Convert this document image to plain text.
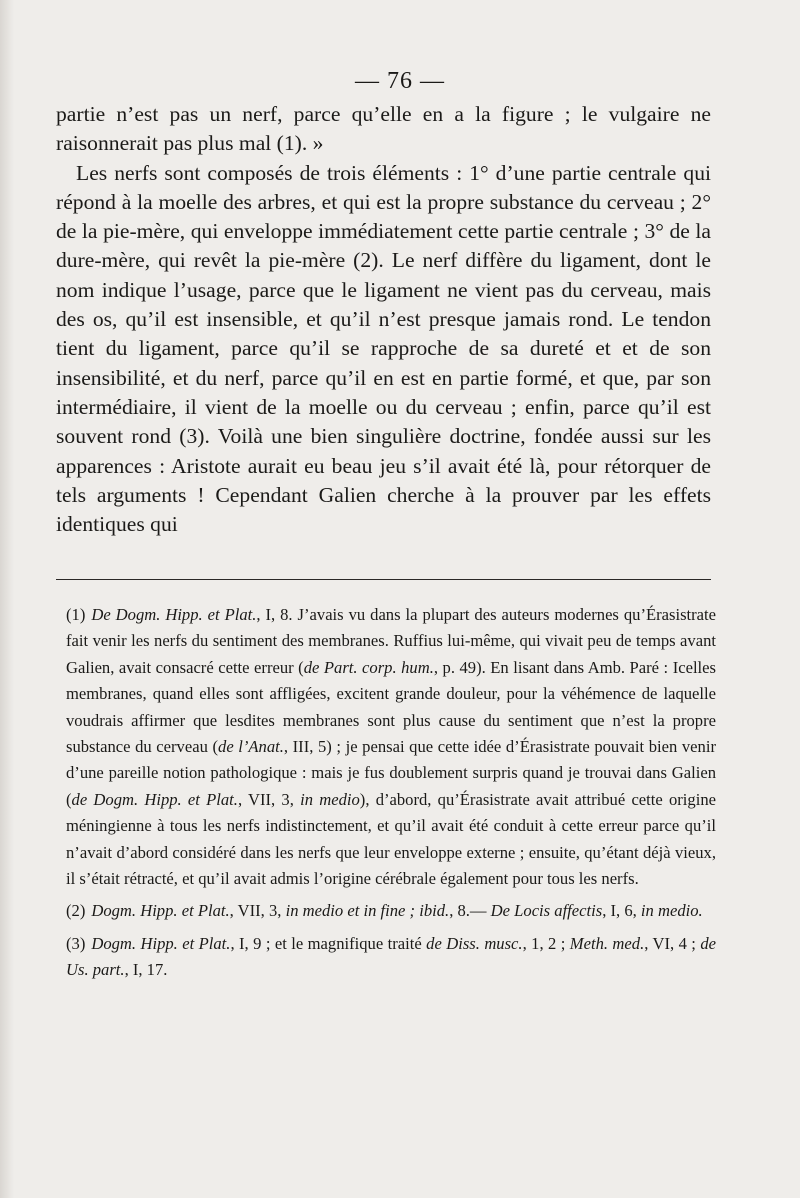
— 76 —

partie n’est pas un nerf, parce qu’elle en a la figure ; le vulgaire ne raisonnerait pas plus mal (1). »

Les nerfs sont composés de trois éléments : 1° d’une partie centrale qui répond à la moelle des arbres, et qui est la propre substance du cerveau ; 2° de la pie-mère, qui enveloppe immédiatement cette partie centrale ; 3° de la dure-mère, qui revêt la pie-mère (2). Le nerf diffère du ligament, dont le nom indique l’usage, parce que le ligament ne vient pas du cerveau, mais des os, qu’il est insensible, et qu’il n’est presque jamais rond. Le tendon tient du ligament, parce qu’il se rapproche de sa dureté et et de son insensibilité, et du nerf, parce qu’il en est en partie formé, et que, par son intermédiaire, il vient de la moelle ou du cerveau ; enfin, parce qu’il est souvent rond (3). Voilà une bien singulière doctrine, fondée aussi sur les apparences : Aristote aurait eu beau jeu s’il avait été là, pour rétorquer de tels arguments ! Cependant Galien cherche à la prouver par les effets identiques qui

(1) De Dogm. Hipp. et Plat., I, 8. J’avais vu dans la plupart des auteurs modernes qu’Érasistrate fait venir les nerfs du sentiment des membranes. Ruffius lui-même, qui vivait peu de temps avant Galien, avait consacré cette erreur (de Part. corp. hum., p. 49). En lisant dans Amb. Paré : Icelles membranes, quand elles sont affligées, excitent grande douleur, pour la véhémence de laquelle voudrais affirmer que lesdites membranes sont plus cause du sentiment que n’est la propre substance du cerveau (de l’Anat., III, 5) ; je pensai que cette idée d’Érasistrate pouvait bien venir d’une pareille notion pathologique : mais je fus doublement surpris quand je trouvai dans Galien (de Dogm. Hipp. et Plat., VII, 3, in medio), d’abord, qu’Érasistrate avait attribué cette origine méningienne à tous les nerfs indistinctement, et qu’il avait été conduit à cette erreur parce qu’il n’avait d’abord considéré dans les nerfs que leur enveloppe externe ; ensuite, qu’étant déjà vieux, il s’était rétracté, et qu’il avait admis l’origine cérébrale également pour tous les nerfs.

(2) Dogm. Hipp. et Plat., VII, 3, in medio et in fine ; ibid., 8.— De Locis affectis, I, 6, in medio.

(3) Dogm. Hipp. et Plat., I, 9 ; et le magnifique traité de Diss. musc., 1, 2 ; Meth. med., VI, 4 ; de Us. part., I, 17.
